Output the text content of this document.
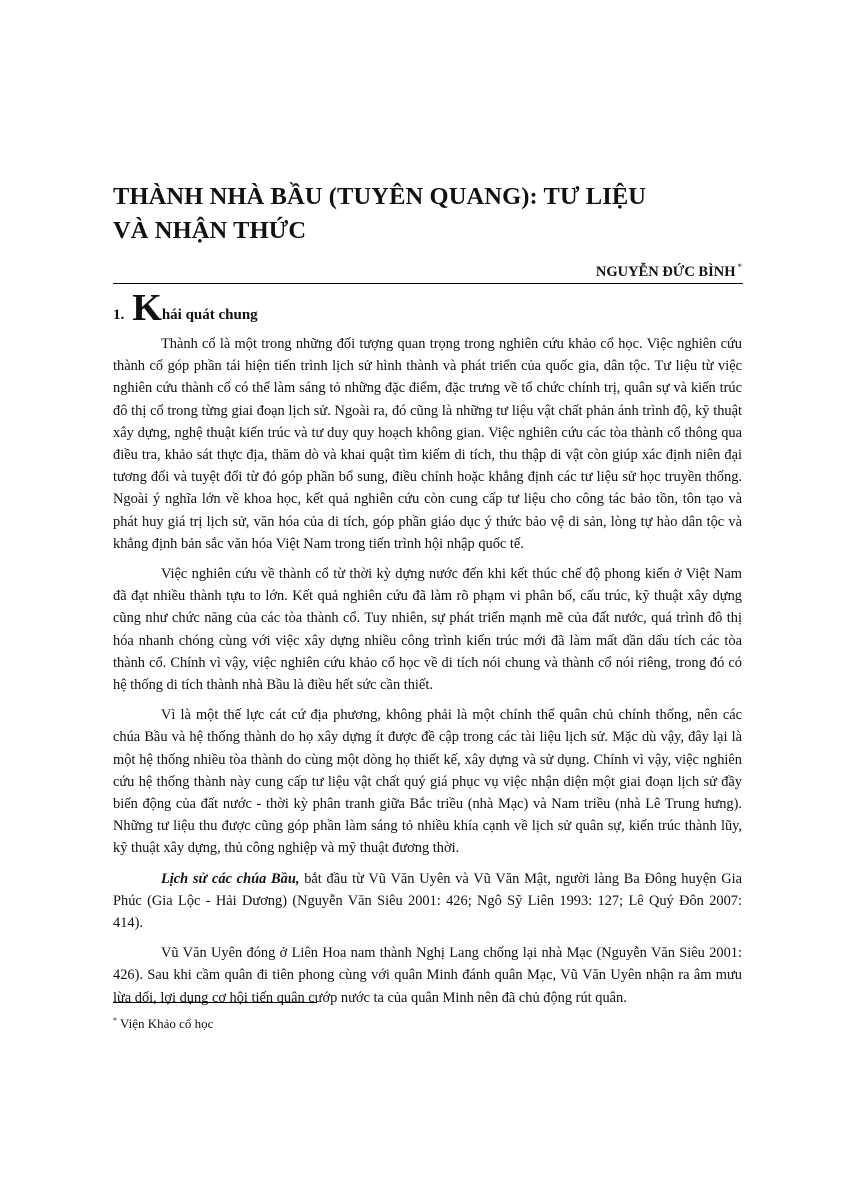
THÀNH NHÀ BẦU (TUYÊN QUANG): TƯ LIỆU
VÀ NHẬN THỨC
NGUYỄN ĐỨC BÌNH *
1. Khái quát chung

Thành cổ là một trong những đối tượng quan trọng trong nghiên cứu khảo cổ học. Việc nghiên cứu thành cổ góp phần tái hiện tiến trình lịch sử hình thành và phát triển của quốc gia, dân tộc. Tư liệu từ việc nghiên cứu thành cổ có thể làm sáng tỏ những đặc điểm, đặc trưng về tổ chức chính trị, quân sự và kiến trúc đô thị cổ trong từng giai đoạn lịch sử. Ngoài ra, đó cũng là những tư liệu vật chất phản ánh trình độ, kỹ thuật xây dựng, nghệ thuật kiến trúc và tư duy quy hoạch không gian. Việc nghiên cứu các tòa thành cổ thông qua điều tra, khảo sát thực địa, thăm dò và khai quật tìm kiếm di tích, thu thập di vật còn giúp xác định niên đại tương đối và tuyệt đối từ đó góp phần bổ sung, điều chỉnh hoặc khẳng định các tư liệu sử học truyền thống. Ngoài ý nghĩa lớn về khoa học, kết quả nghiên cứu còn cung cấp tư liệu cho công tác bảo tồn, tôn tạo và phát huy giá trị lịch sử, văn hóa của di tích, góp phần giáo dục ý thức bảo vệ di sản, lòng tự hào dân tộc và khẳng định bản sắc văn hóa Việt Nam trong tiến trình hội nhập quốc tế.

Việc nghiên cứu về thành cổ từ thời kỳ dựng nước đến khi kết thúc chế độ phong kiến ở Việt Nam đã đạt nhiều thành tựu to lớn. Kết quả nghiên cứu đã làm rõ phạm vi phân bố, cấu trúc, kỹ thuật xây dựng cũng như chức năng của các tòa thành cổ. Tuy nhiên, sự phát triển mạnh mẽ của đất nước, quá trình đô thị hóa nhanh chóng cùng với việc xây dựng nhiều công trình kiến trúc mới đã làm mất dần dấu tích các tòa thành cổ. Chính vì vậy, việc nghiên cứu khảo cổ học về di tích nói chung và thành cổ nói riêng, trong đó có hệ thống di tích thành nhà Bầu là điều hết sức cần thiết.

Vì là một thế lực cát cứ địa phương, không phải là một chính thể quân chủ chính thống, nên các chúa Bầu và hệ thống thành do họ xây dựng ít được đề cập trong các tài liệu lịch sử. Mặc dù vậy, đây lại là một hệ thống nhiều tòa thành do cùng một dòng họ thiết kế, xây dựng và sử dụng. Chính vì vậy, việc nghiên cứu hệ thống thành này cung cấp tư liệu vật chất quý giá phục vụ việc nhận diện một giai đoạn lịch sử đầy biến động của đất nước - thời kỳ phân tranh giữa Bắc triều (nhà Mạc) và Nam triều (nhà Lê Trung hưng). Những tư liệu thu được cũng góp phần làm sáng tỏ nhiều khía cạnh về lịch sử quân sự, kiến trúc thành lũy, kỹ thuật xây dựng, thủ công nghiệp và mỹ thuật đương thời.

Lịch sử các chúa Bầu, bắt đầu từ Vũ Văn Uyên và Vũ Văn Mật, người làng Ba Đông huyện Gia Phúc (Gia Lộc - Hải Dương) (Nguyễn Văn Siêu 2001: 426; Ngô Sỹ Liên 1993: 127; Lê Quý Đôn 2007: 414).

Vũ Văn Uyên đóng ở Liên Hoa nam thành Nghị Lang chống lại nhà Mạc (Nguyễn Văn Siêu 2001: 426). Sau khi cầm quân đi tiên phong cùng với quân Minh đánh quân Mạc, Vũ Văn Uyên nhận ra âm mưu lừa dối, lợi dụng cơ hội tiến quân cướp nước ta của quân Minh nên đã chủ động rút quân.

* Viện Khảo cổ học
